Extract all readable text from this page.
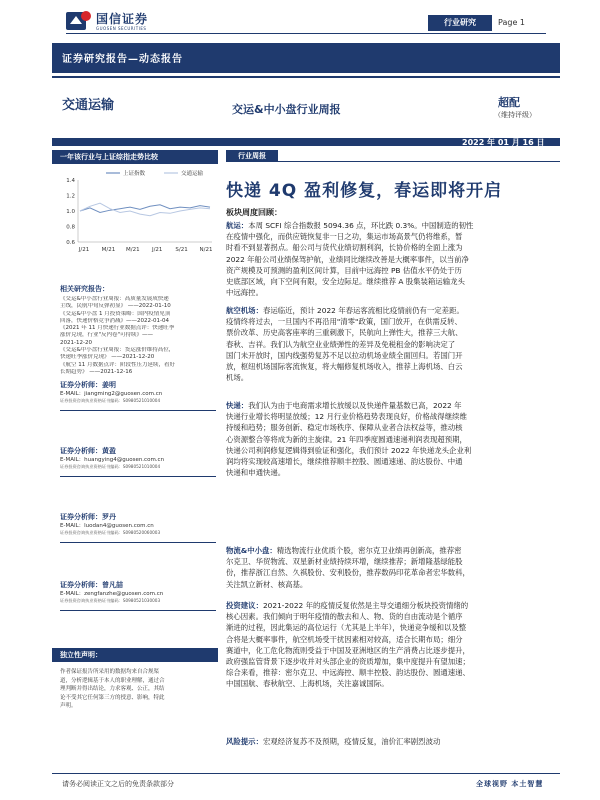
国信证券
GUOSEN SECURITIES
行业研究	Page 1
证券研究报告—动态报告
交通运输	交运&中小盘行业周报
超配
（维持评级）
2022 年 01 月 16 日
一年该行业与上证综指走势比较
1.4
1.2
1.0
0.8
0.6
J/21 M/21 M/21 J/21 S/21 N/21
上证指数	交通运输
相关研究报告：
《交运&中小盘行业周报：高质量发展成快递
主线，民航中旬反弹初显》 ——2022-01-10
《交运&中小盘 1 月投资策略：国内疫情见顶
回落，快递价格竞争消减》——2022-01-04
《2021 年 11 月快递行业数据点评：快递旺季
涨价兑现，行业"反内卷"可持续》——
2021-12-20
《交运&中小盘行业周报：货运涨价维持高位，
快递旺季涨价兑现》 ——2021-12-20
《航空 11 月数据点评：阶段性压力延续，看好
长期趋势》 ——2021-12-16
证券分析师：姜明
E-MAIL：jiangming2@guosen.com.cn
证券投资咨询执业资格证书编码：S0980521010004
证券分析师：黄盈
E-MAIL：huangying4@guosen.com.cn
证券投资咨询执业资格证书编码：S0980521010004
证券分析师：罗丹
E-MAIL：luodan4@guosen.com.cn
证券投资咨询执业资格证书编码：S0980520060003
证券分析师：曾凡喆
E-MAIL：zengfanzhe@guosen.com.cn
证券投资咨询执业资格证书编码：S0980521030003
独立性声明：
作者保证报告所采用的数据均来自合规渠
道，分析逻辑基于本人的职业理解，通过合
理判断并得出结论，力求客观、公正，其结
论不受其它任何第三方的授意、影响，特此
声明。
行业周报
快递 4Q 盈利修复，春运即将开启
板块周度回顾：
航运：本周 SCFI 综合指数报 5094.36 点，环比跌 0.3%。中国制造的韧性
在疫情中强化，而供应链恢复非一日之功，集运市场高景气仍将维系，暂
时看不到显著拐点。船公司与货代业绩切割利润，长协价格的全面上涨为
2022 年船公司业绩保驾护航，业绩同比继续改善是大概率事件，以当前净
资产规模及可预测的盈利区间计算，目前中远海控 PB 估值水平仍处于历
史底部区域，向下空间有限，安全边际足。继续推荐 A 股集装箱运输龙头
中远海控。
航空机场：春运临近，预计 2022 年春运客流相比疫情前仍有一定差距。
疫情终将过去，一旦国内不再沿用"清零"政策，国门放开，在供需反转、
票价改革、历史高客座率的三重刺激下，民航向上弹性大，推荐三大航、
春秋、吉祥。我们认为航空业业绩弹性的差异及免税租金的影响决定了
国门未开放时，国内线强势复苏不足以拉动机场业绩全面回归。若国门开
放，枢纽机场国际客流恢复，将大幅修复机场收入，推荐上海机场、白云
机场。
快递：我们认为由于电商需求增长放缓以及快递件量基数已高，2022 年
快递行业增长将明显放缓；12 月行业价格趋势表现良好，价格战得继续维
持缓和趋势；服务创新、稳定市场秩序、保障从业者合法权益等，推动核
心资源整合等将成为新的主旋律。21 年四季度圆通速递利润表现超预期，
快递公司利润修复逻辑得到验证和强化，我们预计 2022 年快递龙头企业利
润均将实现较高速增长，继续推荐顺丰控股、圆通速递、韵达股份、中通
快递和申通快递。
物流&中小盘：精选物流行业优质个股，密尔克卫业绩再创新高，推荐密
尔克卫、华贸物流、双星新材业绩持续环增，继续推荐；新增隆基绿能股
份，推荐浙江自然、久祺股份、安利股份，推荐数码印花革命者宏华数科，
关注凯立新材、核高基。
投资建议：2021-2022 年的疫情反复依然是主导交通细分板块投资情绪的
核心因素。我们倾向于明年疫情的散去和人、物、货的自由流动是个循序
渐进的过程，因此集运的高位运行（尤其是上半年），快递竞争缓和以及整
合将是大概率事件，航空机场受干扰因素相对较高，适合长期布局；细分
赛道中，化工危化物流则受益于中国及亚洲地区的生产消费占比逐步提升，
政府强监管背景下逐步收并对头部企业的资质增加，集中度提升有望加速；
综合来看，推荐：密尔克卫、中远海控、顺丰控股、韵达股份、圆通速递、
中国国航、春秋航空、上海机场，关注嘉诚国际。
风险提示：宏观经济复苏不及预期，疫情反复，油价汇率剧烈波动
请务必阅读正文之后的免责条款部分	全球视野 本土智慧
